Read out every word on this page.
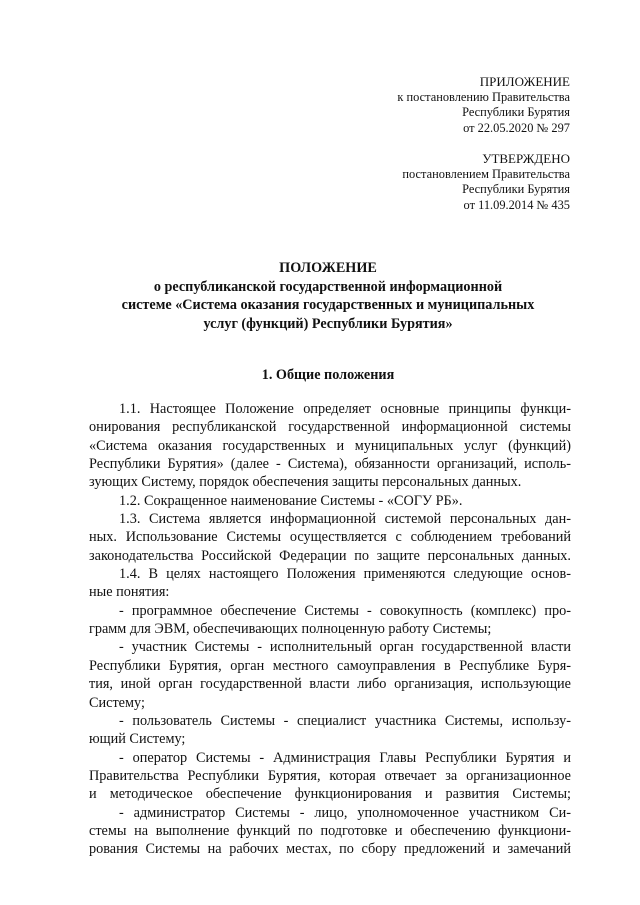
ПРИЛОЖЕНИЕ
к постановлению Правительства
Республики Бурятия
от 22.05.2020 № 297
УТВЕРЖДЕНО
постановлением Правительства
Республики Бурятия
от 11.09.2014 № 435
ПОЛОЖЕНИЕ
о республиканской государственной информационной
системе «Система оказания государственных и муниципальных
услуг (функций) Республики Бурятия»
1. Общие положения
1.1. Настоящее Положение определяет основные принципы функци-
онирования республиканской государственной информационной системы
«Система оказания государственных и муниципальных услуг (функций)
Республики Бурятия» (далее - Система), обязанности организаций, исполь-
зующих Систему, порядок обеспечения защиты персональных данных.
1.2. Сокращенное наименование Системы - «СОГУ РБ».
1.3. Система является информационной системой персональных дан-
ных. Использование Системы осуществляется с соблюдением требований
законодательства Российской Федерации по защите персональных данных.
1.4. В целях настоящего Положения применяются следующие основ-
ные понятия:
- программное обеспечение Системы - совокупность (комплекс) про-
грамм для ЭВМ, обеспечивающих полноценную работу Системы;
- участник Системы - исполнительный орган государственной власти
Республики Бурятия, орган местного самоуправления в Республике Буря-
тия, иной орган государственной власти либо организация, использующие
Систему;
- пользователь Системы - специалист участника Системы, использу-
ющий Систему;
- оператор Системы - Администрация Главы Республики Бурятия и
Правительства Республики Бурятия, которая отвечает за организационное
и методическое обеспечение функционирования и развития Системы;
- администратор Системы - лицо, уполномоченное участником Си-
стемы на выполнение функций по подготовке и обеспечению функциони-
рования Системы на рабочих местах, по сбору предложений и замечаний
